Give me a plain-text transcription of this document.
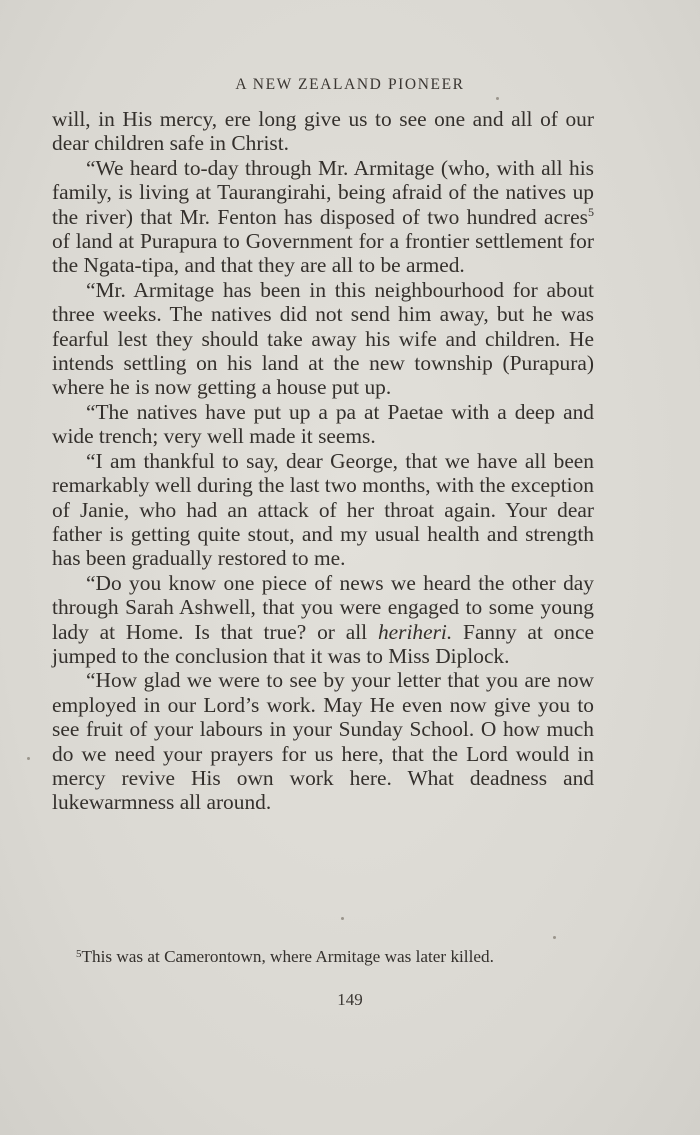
A NEW ZEALAND PIONEER

will, in His mercy, ere long give us to see one and all of our dear children safe in Christ.

“We heard to-day through Mr. Armitage (who, with all his family, is living at Taurangirahi, being afraid of the natives up the river) that Mr. Fenton has disposed of two hundred acres$^5$ of land at Purapura to Government for a frontier settlement for the Ngata-tipa, and that they are all to be armed.

“Mr. Armitage has been in this neighbourhood for about three weeks. The natives did not send him away, but he was fearful lest they should take away his wife and children. He intends settling on his land at the new township (Purapura) where he is now getting a house put up.

“The natives have put up a pa at Paetae with a deep and wide trench; very well made it seems.

“I am thankful to say, dear George, that we have all been remarkably well during the last two months, with the exception of Janie, who had an attack of her throat again. Your dear father is getting quite stout, and my usual health and strength has been gradually restored to me.

“Do you know one piece of news we heard the other day through Sarah Ashwell, that you were engaged to some young lady at Home. Is that true? or all heriheri. Fanny at once jumped to the conclusion that it was to Miss Diplock.

“How glad we were to see by your letter that you are now employed in our Lord’s work. May He even now give you to see fruit of your labours in your Sunday School. O how much do we need your prayers for us here, that the Lord would in mercy revive His own work here. What deadness and lukewarmness all around.

$^5$This was at Camerontown, where Armitage was later killed.
149
